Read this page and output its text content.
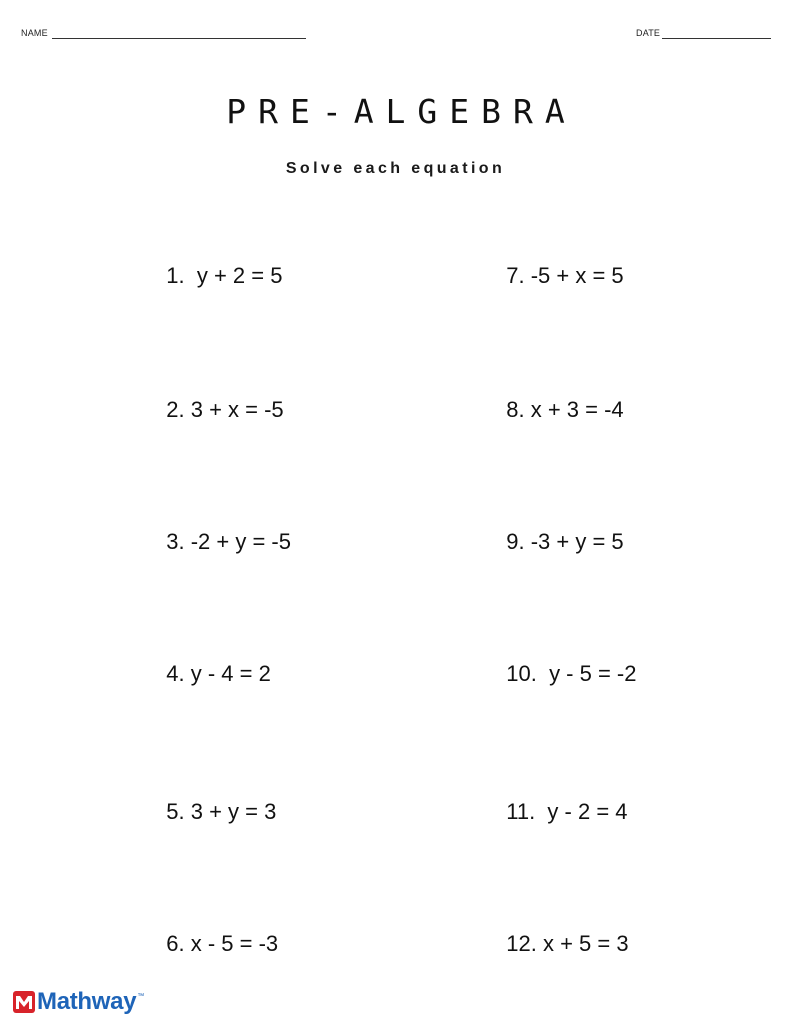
NAME	DATE
PRE-ALGEBRA
Solve each equation

1. y + 2 = 5

2. 3 + x = -5

3. -2 + y = -5

4. y - 4 = 2

5. 3 + y = 3

6. x - 5 = -3

7. -5 + x = 5

8. x + 3 = -4

9. -3 + y = 5

10. y - 5 = -2

11. y - 2 = 4

12. x + 5 = 3

Mathway ™
